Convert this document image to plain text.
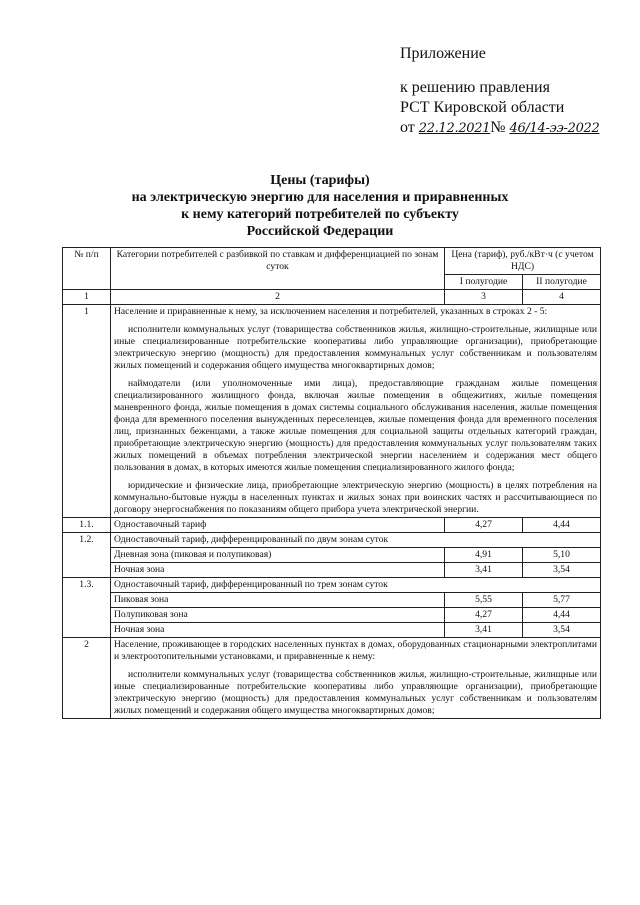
Приложение
к решению правления
РСТ Кировской области
от 22.12.2021№ 46/14-ээ-2022
Цены (тарифы)
на электрическую энергию для населения и приравненных
к нему категорий потребителей по субъекту
Российской Федерации
№ п/п	Категории потребителей с разбивкой по ставкам и дифференциацией по зонам суток	Цена (тариф), руб./кВт·ч (с учетом НДС)	
		I полугодие	II полугодие
1	2	3	4
1	Население и приравненные к нему, за исключением населения и потребителей, указанных в строках 2 - 5:

исполнители коммунальных услуг (товарищества собственников жилья, жилищно-строительные, жилищные или иные специализированные потребительские кооперативы либо управляющие организации), приобретающие электрическую энергию (мощность) для предоставления коммунальных услуг собственникам и пользователям жилых помещений и содержания общего имущества многоквартирных домов;

наймодатели (или уполномоченные ими лица), предоставляющие гражданам жилые помещения специализированного жилищного фонда, включая жилые помещения в общежитиях, жилые помещения маневренного фонда, жилые помещения в домах системы социального обслуживания населения, жилые помещения фонда для временного поселения вынужденных переселенцев, жилые помещения фонда для временного поселения лиц, признанных беженцами, а также жилые помещения для социальной защиты отдельных категорий граждан, приобретающие электрическую энергию (мощность) для предоставления коммунальных услуг пользователям таких жилых помещений в объемах потребления электрической энергии населением и содержания мест общего пользования в домах, в которых имеются жилые помещения специализированного жилого фонда;

юридические и физические лица, приобретающие электрическую энергию (мощность) в целях потребления на коммунально-бытовые нужды в населенных пунктах и жилых зонах при воинских частях и рассчитывающиеся по договору энергоснабжения по показаниям общего прибора учета электрической энергии.		

1.1.	Одноставочный тариф	4,27	4,44
1.2.	Одноставочный тариф, дифференцированный по двум зонам суток		
	Дневная зона (пиковая и полупиковая)	4,91	5,10
	Ночная зона	3,41	3,54
1.3.	Одноставочный тариф, дифференцированный по трем зонам суток		
	Пиковая зона	5,55	5,77
	Полупиковая зона	4,27	4,44
	Ночная зона	3,41	3,54
2	Население, проживающее в городских населенных пунктах в домах, оборудованных стационарными электроплитами и электроотопительными установками, и приравненные к нему:

исполнители коммунальных услуг (товарищества собственников жилья, жилищно-строительные, жилищные или иные специализированные потребительские кооперативы либо управляющие организации), приобретающие электрическую энергию (мощность) для предоставления коммунальных услуг собственникам и пользователям жилых помещений и содержания общего имущества многоквартирных домов;		
